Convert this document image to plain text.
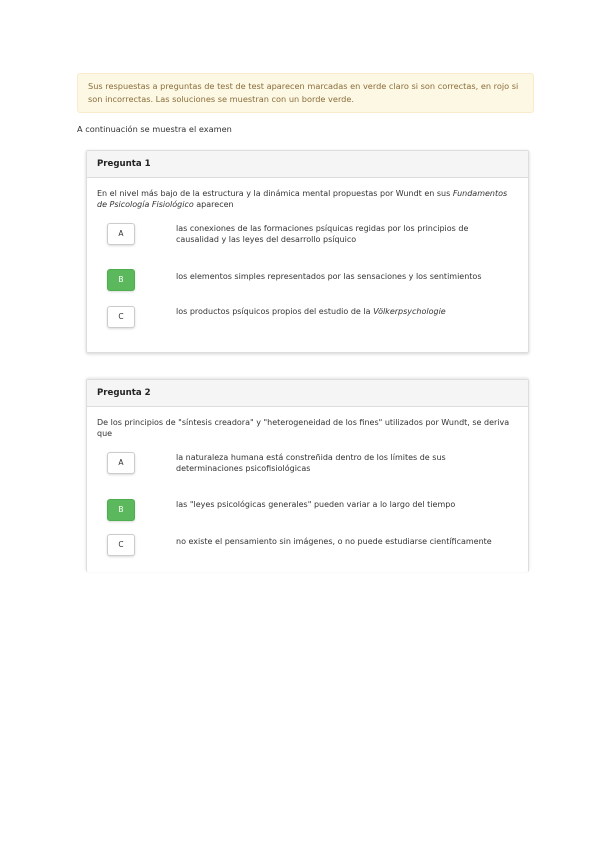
Sus respuestas a preguntas de test de test aparecen marcadas en verde claro si son correctas, en rojo si son incorrectas. Las soluciones se muestran con un borde verde.
A continuación se muestra el examen
Pregunta 1
En el nivel más bajo de la estructura y la dinámica mental propuestas por Wundt en sus Fundamentos de Psicología Fisiológico aparecen
A
las conexiones de las formaciones psíquicas regidas por los principios de causalidad y las leyes del desarrollo psíquico
B	los elementos simples representados por las sensaciones y los sentimientos
C
los productos psíquicos propios del estudio de la Völkerpsychologie
Pregunta 2
De los principios de "síntesis creadora" y "heterogeneidad de los fines" utilizados por Wundt, se deriva que
A
la naturaleza humana está constreñida dentro de los límites de sus determinaciones psicofisiológicas
B
las "leyes psicológicas generales" pueden variar a lo largo del tiempo
C	no existe el pensamiento sin imágenes, o no puede estudiarse científicamente
